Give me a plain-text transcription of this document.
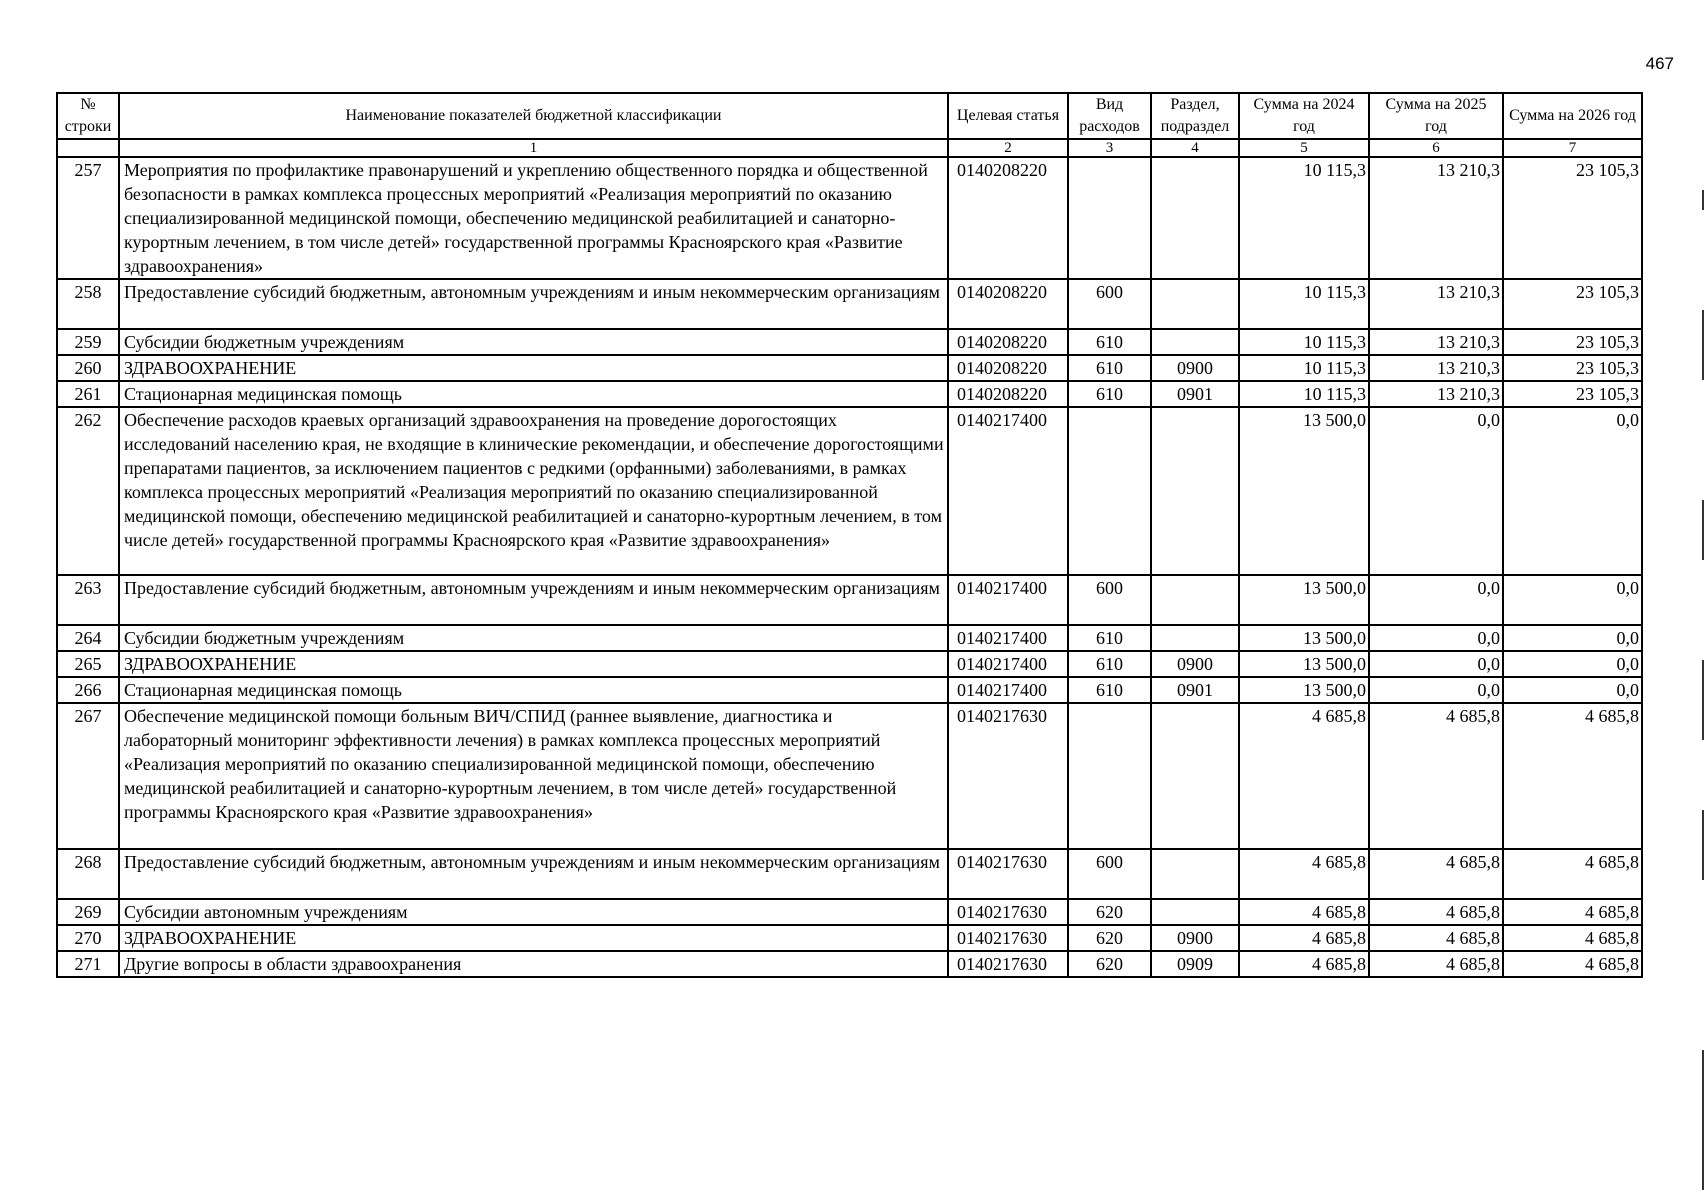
467
№ строки	Наименование показателей бюджетной классификации	Целевая статья	Вид расходов	Раздел, подраздел	Сумма на 2024 год	Сумма на 2025 год	Сумма на 2026 год
	1	2	3	4	5	6	7
257	Мероприятия по профилактике правонарушений и укреплению общественного порядка и общественной безопасности в рамках комплекса процессных мероприятий «Реализация мероприятий по оказанию специализированной медицинской помощи, обеспечению медицинской реабилитацией и санаторно-курортным лечением, в том числе детей» государственной программы Красноярского края «Развитие здравоохранения»	0140208220			10 115,3	13 210,3	23 105,3
258	Предоставление субсидий бюджетным, автономным учреждениям и иным некоммерческим организациям	0140208220	600		10 115,3	13 210,3	23 105,3
259	Субсидии бюджетным учреждениям	0140208220	610		10 115,3	13 210,3	23 105,3
260	ЗДРАВООХРАНЕНИЕ	0140208220	610	0900	10 115,3	13 210,3	23 105,3
261	Стационарная медицинская помощь	0140208220	610	0901	10 115,3	13 210,3	23 105,3
262	Обеспечение расходов краевых организаций здравоохранения на проведение дорогостоящих исследований населению края, не входящие в клинические рекомендации, и обеспечение дорогостоящими препаратами пациентов, за исключением пациентов с редкими (орфанными) заболеваниями, в рамках комплекса процессных мероприятий «Реализация мероприятий по оказанию специализированной медицинской помощи, обеспечению медицинской реабилитацией и санаторно-курортным лечением, в том числе детей» государственной программы Красноярского края «Развитие здравоохранения»	0140217400			13 500,0	0,0	0,0
263	Предоставление субсидий бюджетным, автономным учреждениям и иным некоммерческим организациям	0140217400	600		13 500,0	0,0	0,0
264	Субсидии бюджетным учреждениям	0140217400	610		13 500,0	0,0	0,0
265	ЗДРАВООХРАНЕНИЕ	0140217400	610	0900	13 500,0	0,0	0,0
266	Стационарная медицинская помощь	0140217400	610	0901	13 500,0	0,0	0,0
267	Обеспечение медицинской помощи больным ВИЧ/СПИД (раннее выявление, диагностика и лабораторный мониторинг эффективности лечения) в рамках комплекса процессных мероприятий «Реализация мероприятий по оказанию специализированной медицинской помощи, обеспечению медицинской реабилитацией и санаторно-курортным лечением, в том числе детей» государственной программы Красноярского края «Развитие здравоохранения»	0140217630			4 685,8	4 685,8	4 685,8
268	Предоставление субсидий бюджетным, автономным учреждениям и иным некоммерческим организациям	0140217630	600		4 685,8	4 685,8	4 685,8
269	Субсидии автономным учреждениям	0140217630	620		4 685,8	4 685,8	4 685,8
270	ЗДРАВООХРАНЕНИЕ	0140217630	620	0900	4 685,8	4 685,8	4 685,8
271	Другие вопросы в области здравоохранения	0140217630	620	0909	4 685,8	4 685,8	4 685,8
